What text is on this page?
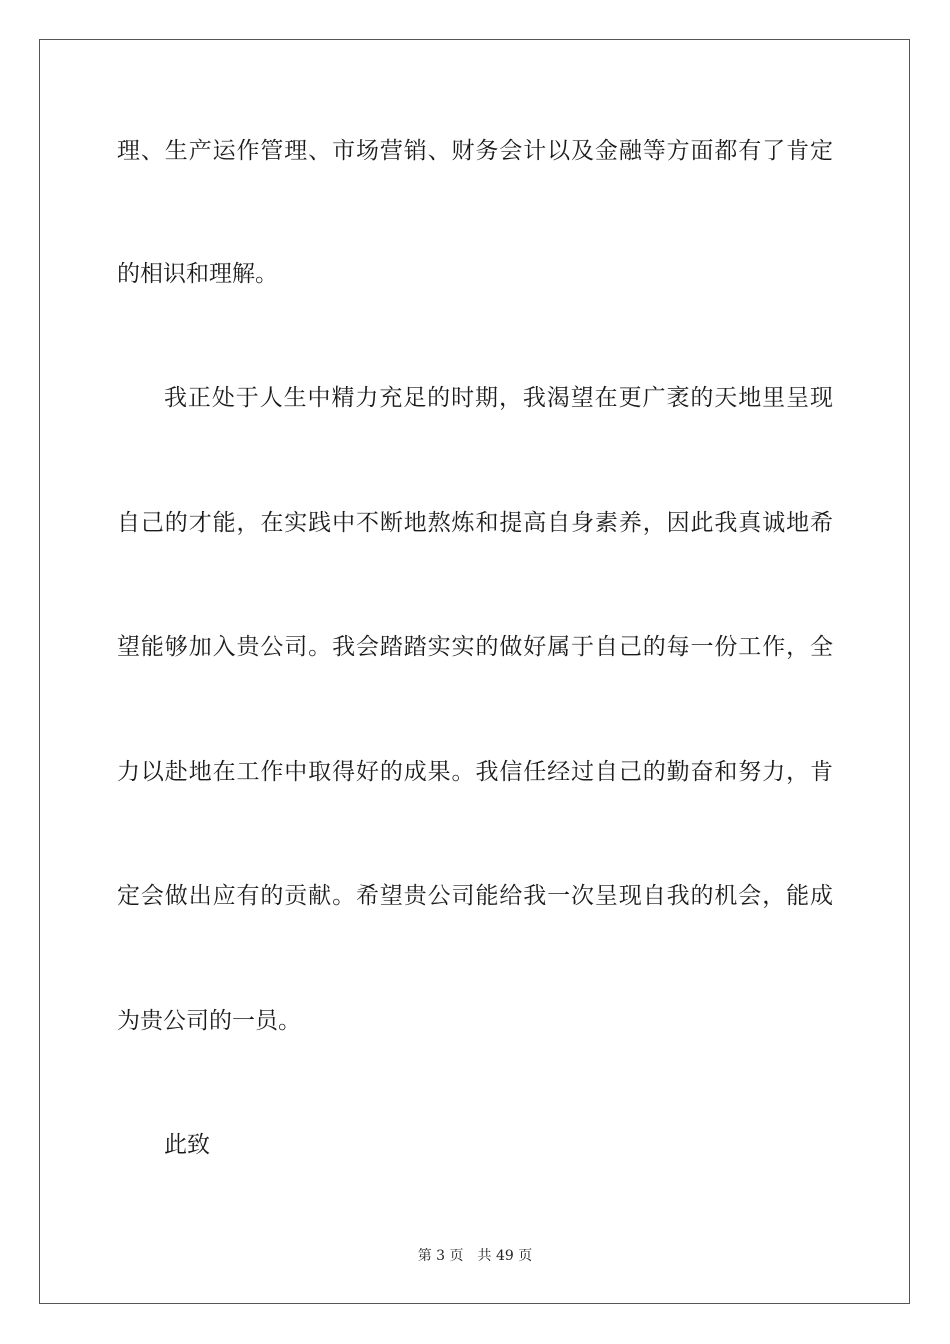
理、生产运作管理、市场营销、财务会计以及金融等方面都有了肯定
的相识和理解。
我正处于人生中精力充足的时期，我渴望在更广袤的天地里呈现
自己的才能，在实践中不断地熬炼和提高自身素养，因此我真诚地希
望能够加入贵公司。我会踏踏实实的做好属于自己的每一份工作，全
力以赴地在工作中取得好的成果。我信任经过自己的勤奋和努力，肯
定会做出应有的贡献。希望贵公司能给我一次呈现自我的机会，能成
为贵公司的一员。
此致
第 3 页 共 49 页
